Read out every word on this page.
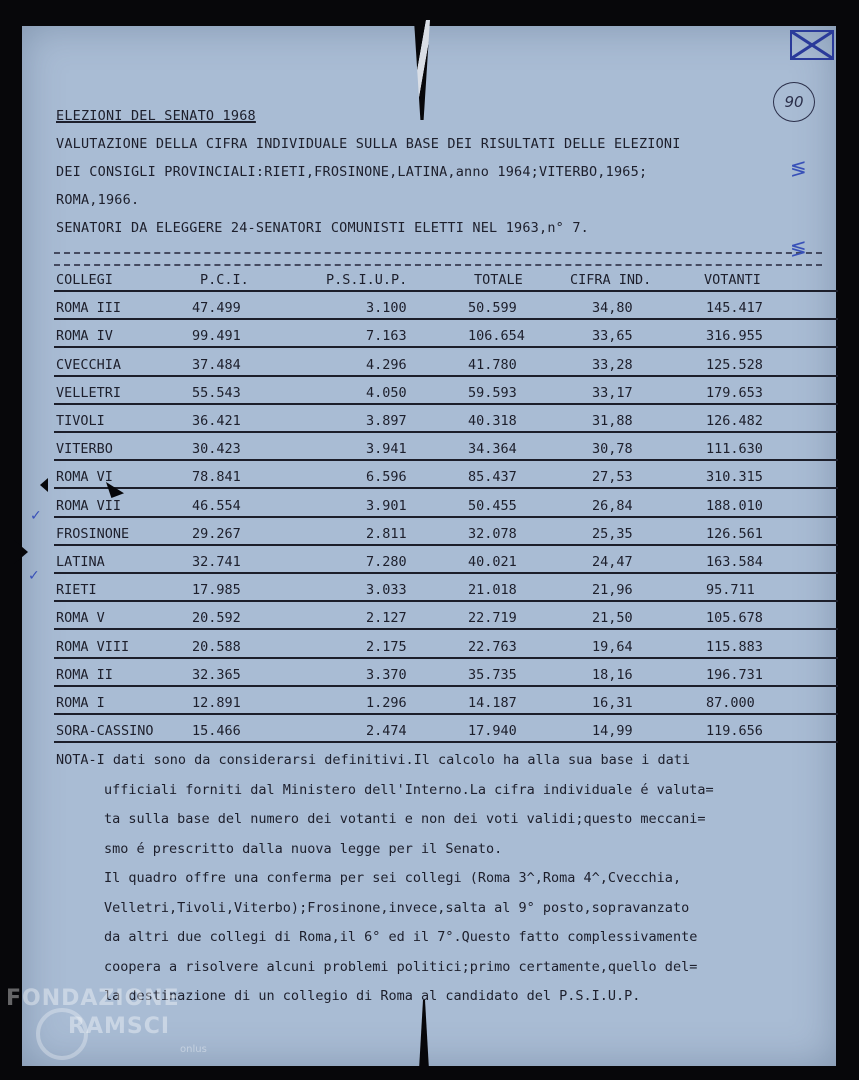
90
ELEZIONI DEL SENATO 1968
VALUTAZIONE DELLA CIFRA INDIVIDUALE SULLA BASE DEI RISULTATI DELLE ELEZIONI
DEI CONSIGLI PROVINCIALI:RIETI,FROSINONE,LATINA,anno 1964;VITERBO,1965;
ROMA,1966.
SENATORI DA ELEGGERE 24-SENATORI COMUNISTI ELETTI NEL 1963,n° 7.
COLLEGI	P.C.I.	P.S.I.U.P.	TOTALE	CIFRA IND.	VOTANTI
ROMA III	47.499	3.100	50.599	34,80	145.417
ROMA IV	99.491	7.163	106.654	33,65	316.955
CVECCHIA	37.484	4.296	41.780	33,28	125.528
VELLETRI	55.543	4.050	59.593	33,17	179.653
TIVOLI	36.421	3.897	40.318	31,88	126.482
VITERBO	30.423	3.941	34.364	30,78	111.630
ROMA VI	78.841	6.596	85.437	27,53	310.315
ROMA VII	46.554	3.901	50.455	26,84	188.010
FROSINONE	29.267	2.811	32.078	25,35	126.561
LATINA	32.741	7.280	40.021	24,47	163.584
RIETI	17.985	3.033	21.018	21,96	95.711
ROMA V	20.592	2.127	22.719	21,50	105.678
ROMA VIII	20.588	2.175	22.763	19,64	115.883
ROMA II	32.365	3.370	35.735	18,16	196.731
ROMA I	12.891	1.296	14.187	16,31	87.000
SORA-CASSINO	15.466	2.474	17.940	14,99	119.656
NOTA-I dati sono da considerarsi definitivi.Il calcolo ha alla sua base i dati
ufficiali forniti dal Ministero dell'Interno.La cifra individuale é valuta=
ta sulla base del numero dei votanti e non dei voti validi;questo meccani=
smo é prescritto dalla nuova legge per il Senato.
Il quadro offre una conferma per sei collegi (Roma 3^,Roma 4^,Cvecchia,
Velletri,Tivoli,Viterbo);Frosinone,invece,salta al 9° posto,sopravanzato
da altri due collegi di Roma,il 6° ed il 7°.Questo fatto complessivamente
coopera a risolvere alcuni problemi politici;primo certamente,quello del=
la destinazione di un collegio di Roma al candidato del P.S.I.U.P.
✓
✓
≶
≶
FONDAZIONE
RAMSCI
onlus
